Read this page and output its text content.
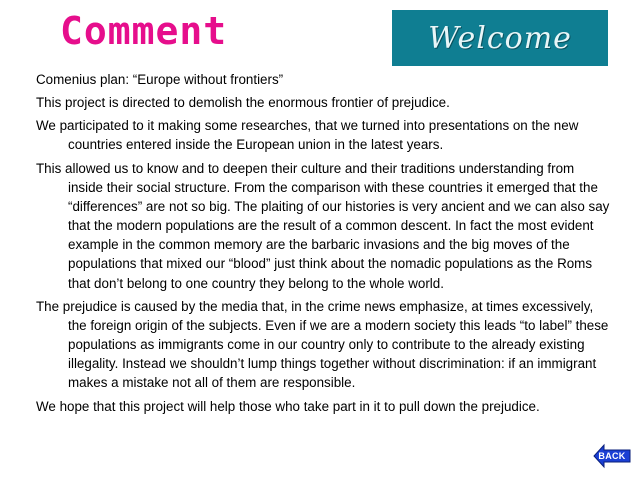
Comment	Welcome

Comenius plan: “Europe without frontiers”

This project is directed to demolish the enormous frontier of prejudice.

We participated to it making some researches, that we turned into presentations on the new countries entered inside the European union in the latest years.

This allowed us to know and to deepen their culture and their traditions understanding from inside their social structure. From the comparison with these countries it emerged that the “differences” are not so big. The plaiting of our histories is very ancient and we can also say that the modern populations are the result of a common descent. In fact the most evident example in the common memory are the barbaric invasions and the big moves of the populations that mixed our “blood” just think about the nomadic populations as the Roms that don’t belong to one country they belong to the whole world.

The prejudice is caused by the media that, in the crime news emphasize, at times excessively, the foreign origin of the subjects. Even if we are a modern society this leads “to label” these populations as immigrants come in our country only to contribute to the already existing illegality. Instead we shouldn’t lump things together without discrimination: if an immigrant makes a mistake not all of them are responsible.

We hope that this project will help those who take part in it to pull down the prejudice.

BACK
